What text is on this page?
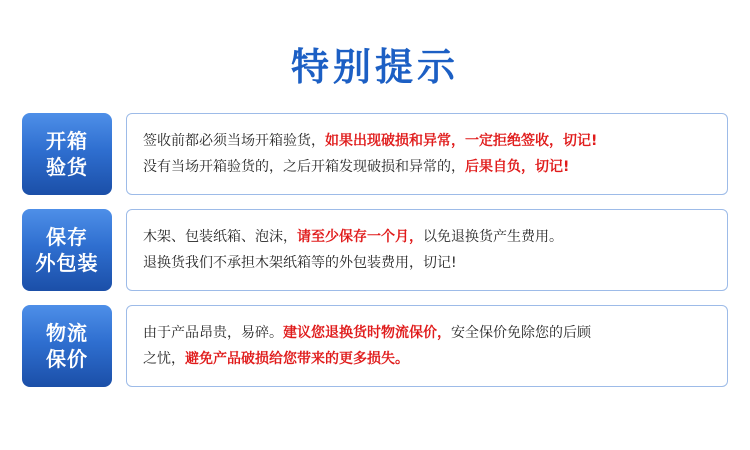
特别提示
开箱
验货
签收前都必须当场开箱验货，如果出现破损和异常，一定拒绝签收，切记!
没有当场开箱验货的，之后开箱发现破损和异常的，后果自负，切记!
保存
外包装
木架、包装纸箱、泡沫，请至少保存一个月，以免退换货产生费用。
退换货我们不承担木架纸箱等的外包装费用，切记!
物流
保价
由于产品昂贵，易碎。建议您退换货时物流保价，安全保价免除您的后顾
之忧，避免产品破损给您带来的更多损失。
